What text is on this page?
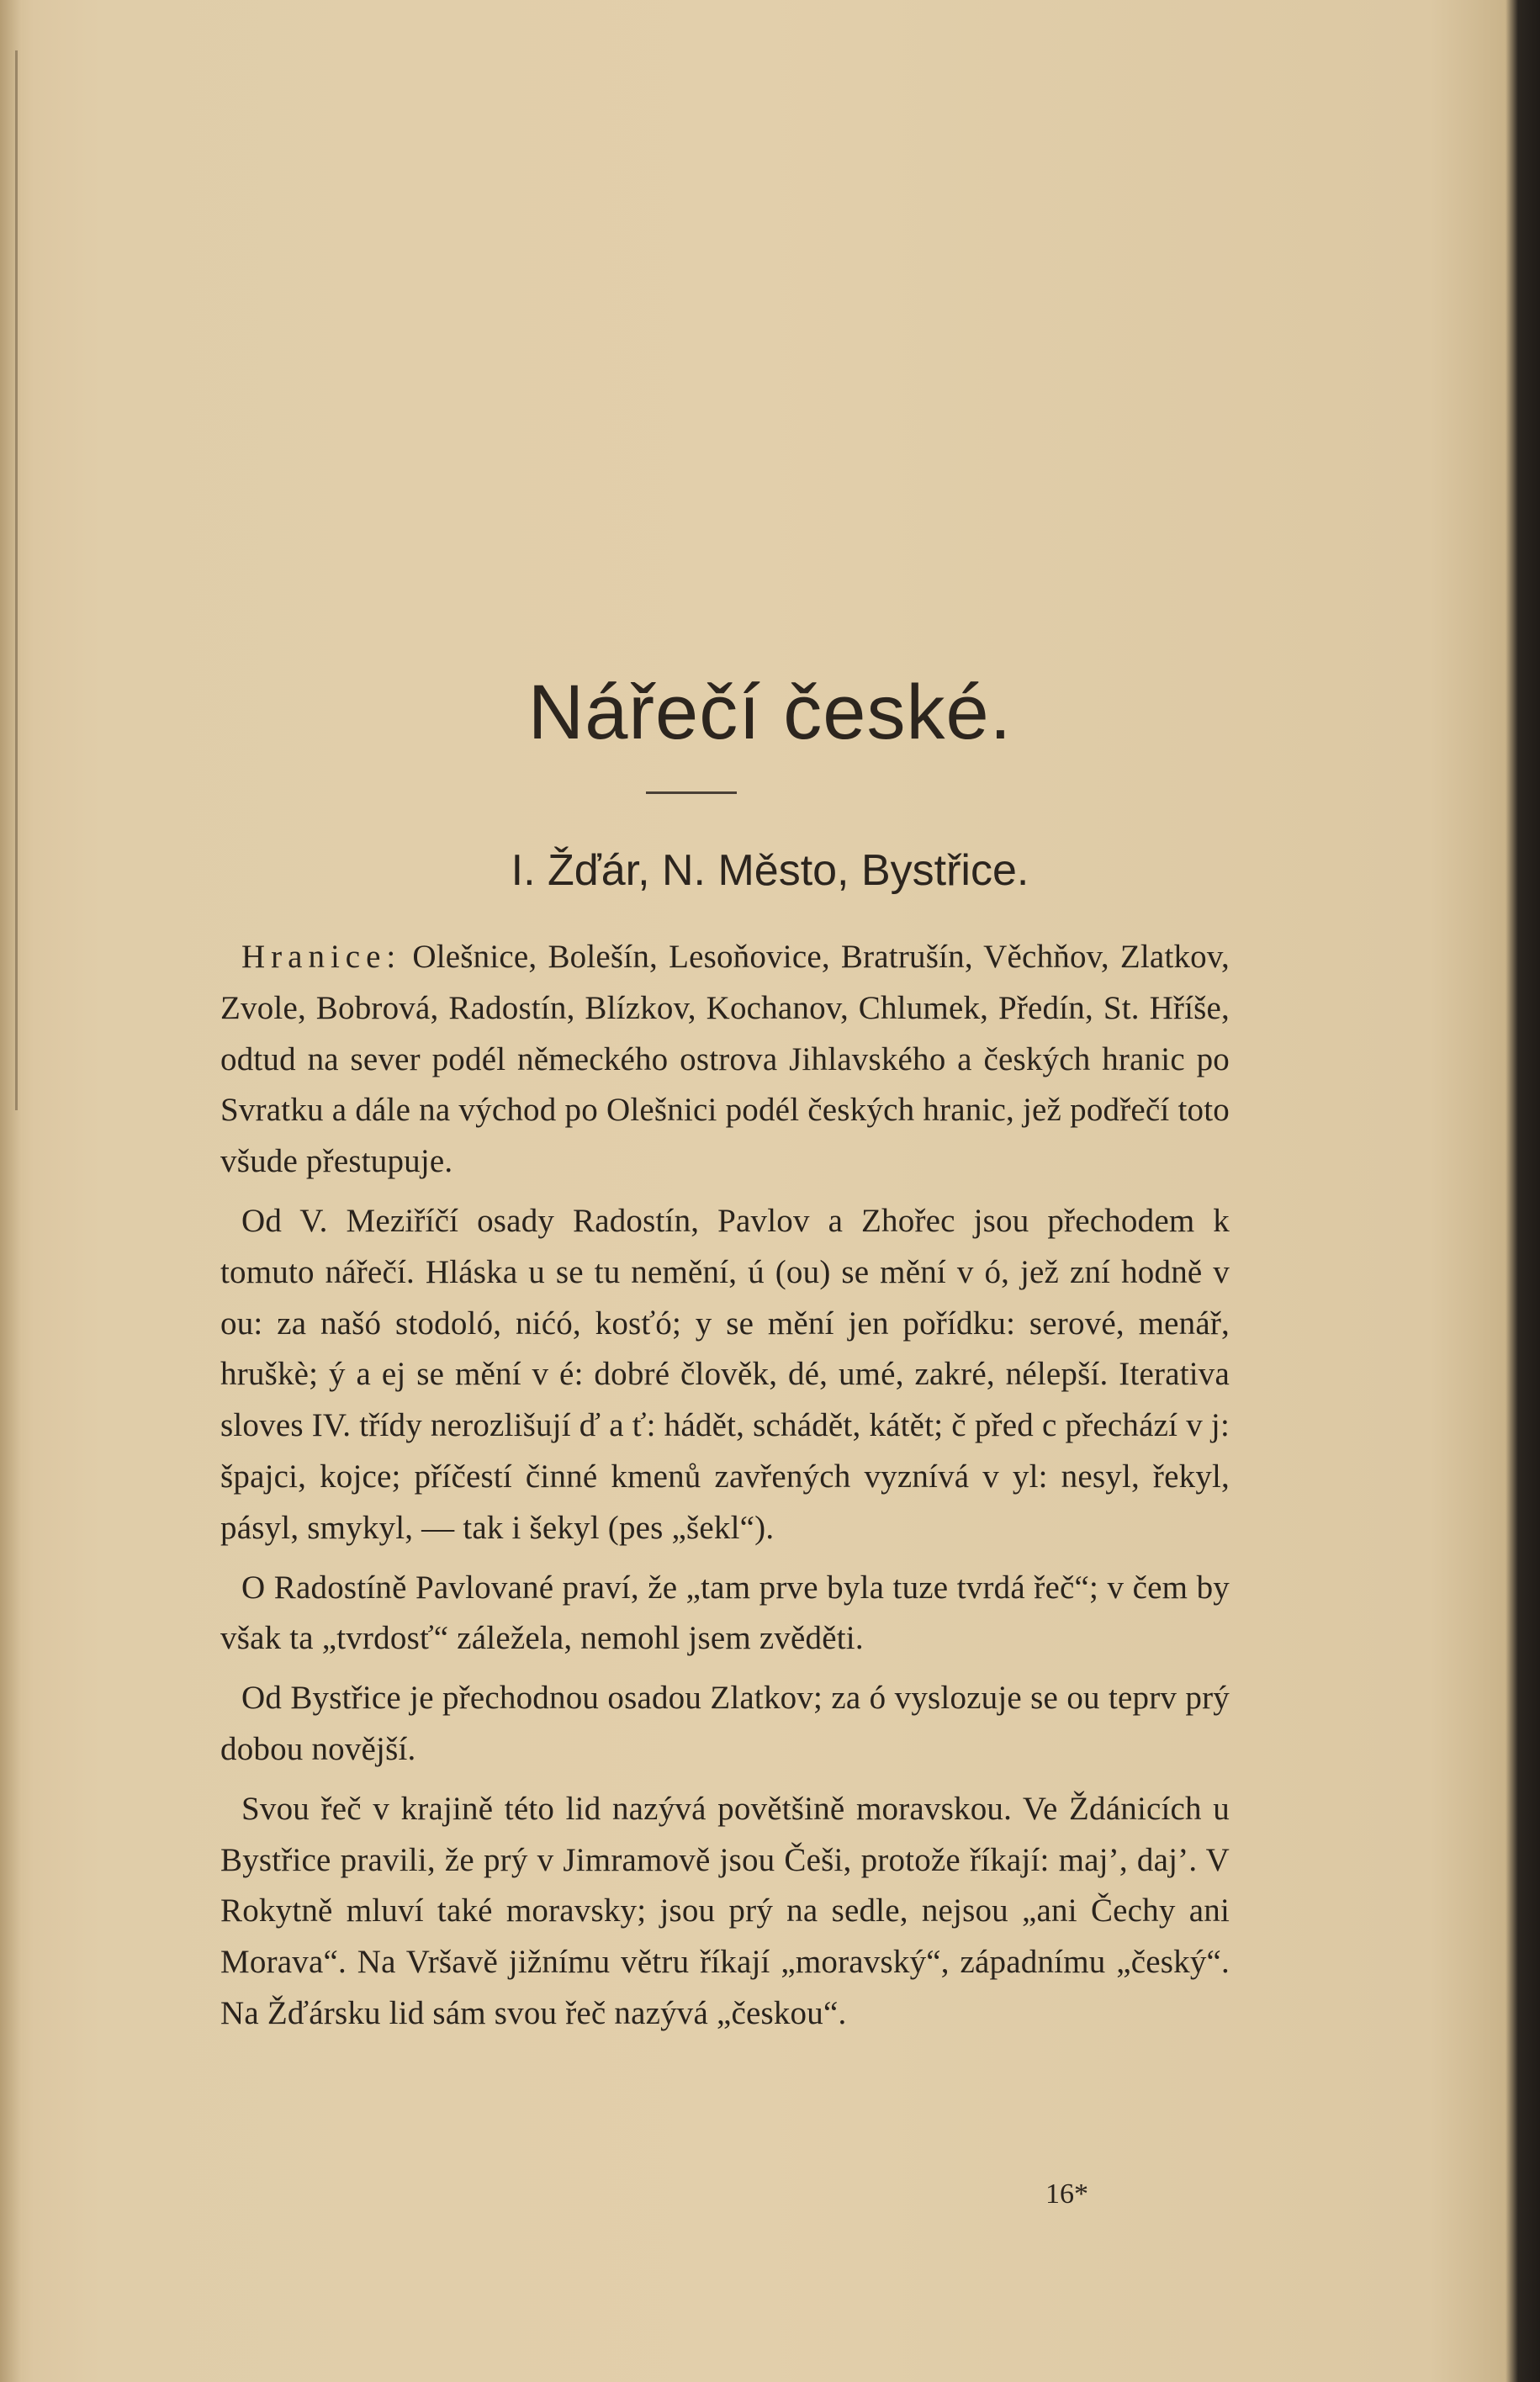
Nářečí české.
I. Žďár, N. Město, Bystřice.

Hranice: Olešnice, Bolešín, Lesoňovice, Bratrušín, Věchňov, Zlatkov, Zvole, Bobrová, Radostín, Blízkov, Kochanov, Chlumek, Předín, St. Hříše, odtud na sever podél německého ostrova Jihlavského a českých hranic po Svratku a dále na východ po Olešnici podél českých hranic, jež podřečí toto všude přestupuje.

Od V. Meziříčí osady Radostín, Pavlov a Zhořec jsou přechodem k tomuto nářečí. Hláska u se tu nemění, ú (ou) se mění v ó, jež zní hodně v ou: za našó stodoló, nićó, kosťó; y se mění jen pořídku: serové, menář, hruškè; ý a ej se mění v é: dobré člověk, dé, umé, zakré, nélepší. Iterativa sloves IV. třídy nerozlišují ď a ť: hádět, schádět, kátět; č před c přechází v j: špajci, kojce; příčestí činné kmenů zavřených vyznívá v yl: nesyl, řekyl, pásyl, smykyl, — tak i šekyl (pes „šekl“).

O Radostíně Pavlované praví, že „tam prve byla tuze tvrdá řeč“; v čem by však ta „tvrdosť“ záležela, nemohl jsem zvěděti.

Od Bystřice je přechodnou osadou Zlatkov; za ó vyslozuje se ou teprv prý dobou novější.

Svou řeč v krajině této lid nazývá povětšině moravskou. Ve Ždánicích u Bystřice pravili, že prý v Jimramově jsou Češi, protože říkají: maj’, daj’. V Rokytně mluví také moravsky; jsou prý na sedle, nejsou „ani Čechy ani Morava“. Na Vršavě jižnímu větru říkají „moravský“, západnímu „český“. Na Žďársku lid sám svou řeč nazývá „českou“.

16*
